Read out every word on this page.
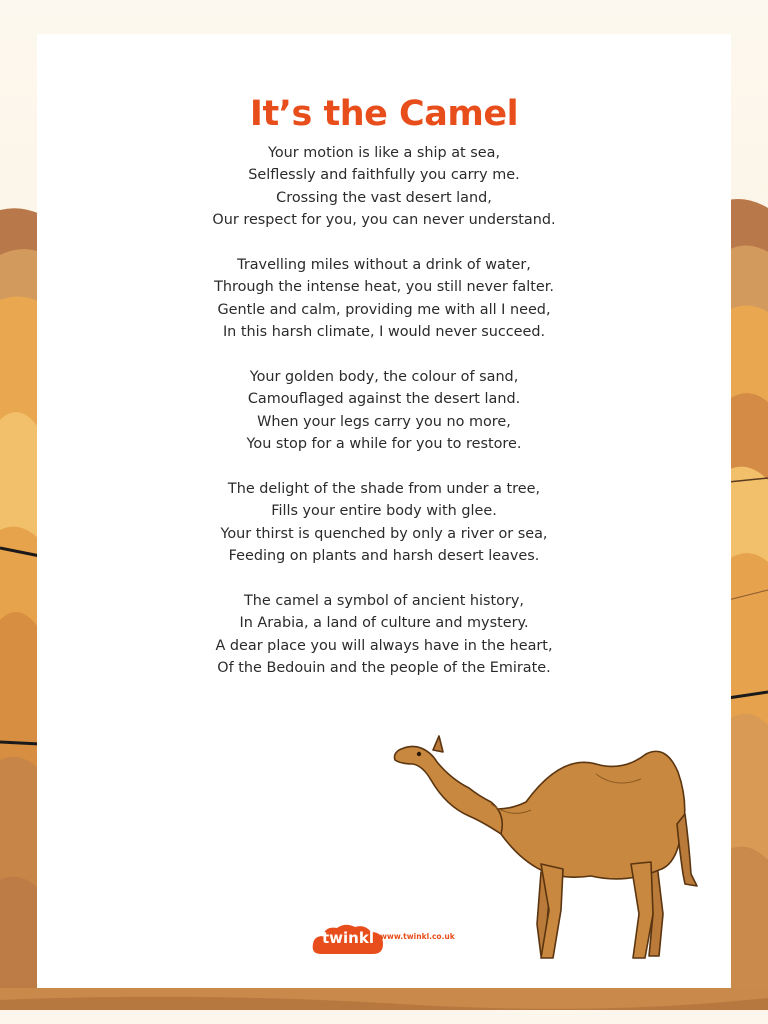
It’s the Camel

Your motion is like a ship at sea,
Selflessly and faithfully you carry me.
Crossing the vast desert land,
Our respect for you, you can never understand.

Travelling miles without a drink of water,
Through the intense heat, you still never falter.
Gentle and calm, providing me with all I need,
In this harsh climate, I would never succeed.

Your golden body, the colour of sand,
Camouflaged against the desert land.
When your legs carry you no more,
You stop for a while for you to restore.

The delight of the shade from under a tree,
Fills your entire body with glee.
Your thirst is quenched by only a river or sea,
Feeding on plants and harsh desert leaves.

The camel a symbol of ancient history,
In Arabia, a land of culture and mystery.
A dear place you will always have in the heart,
Of the Bedouin and the people of the Emirate.

twinkl www.twinkl.co.uk
